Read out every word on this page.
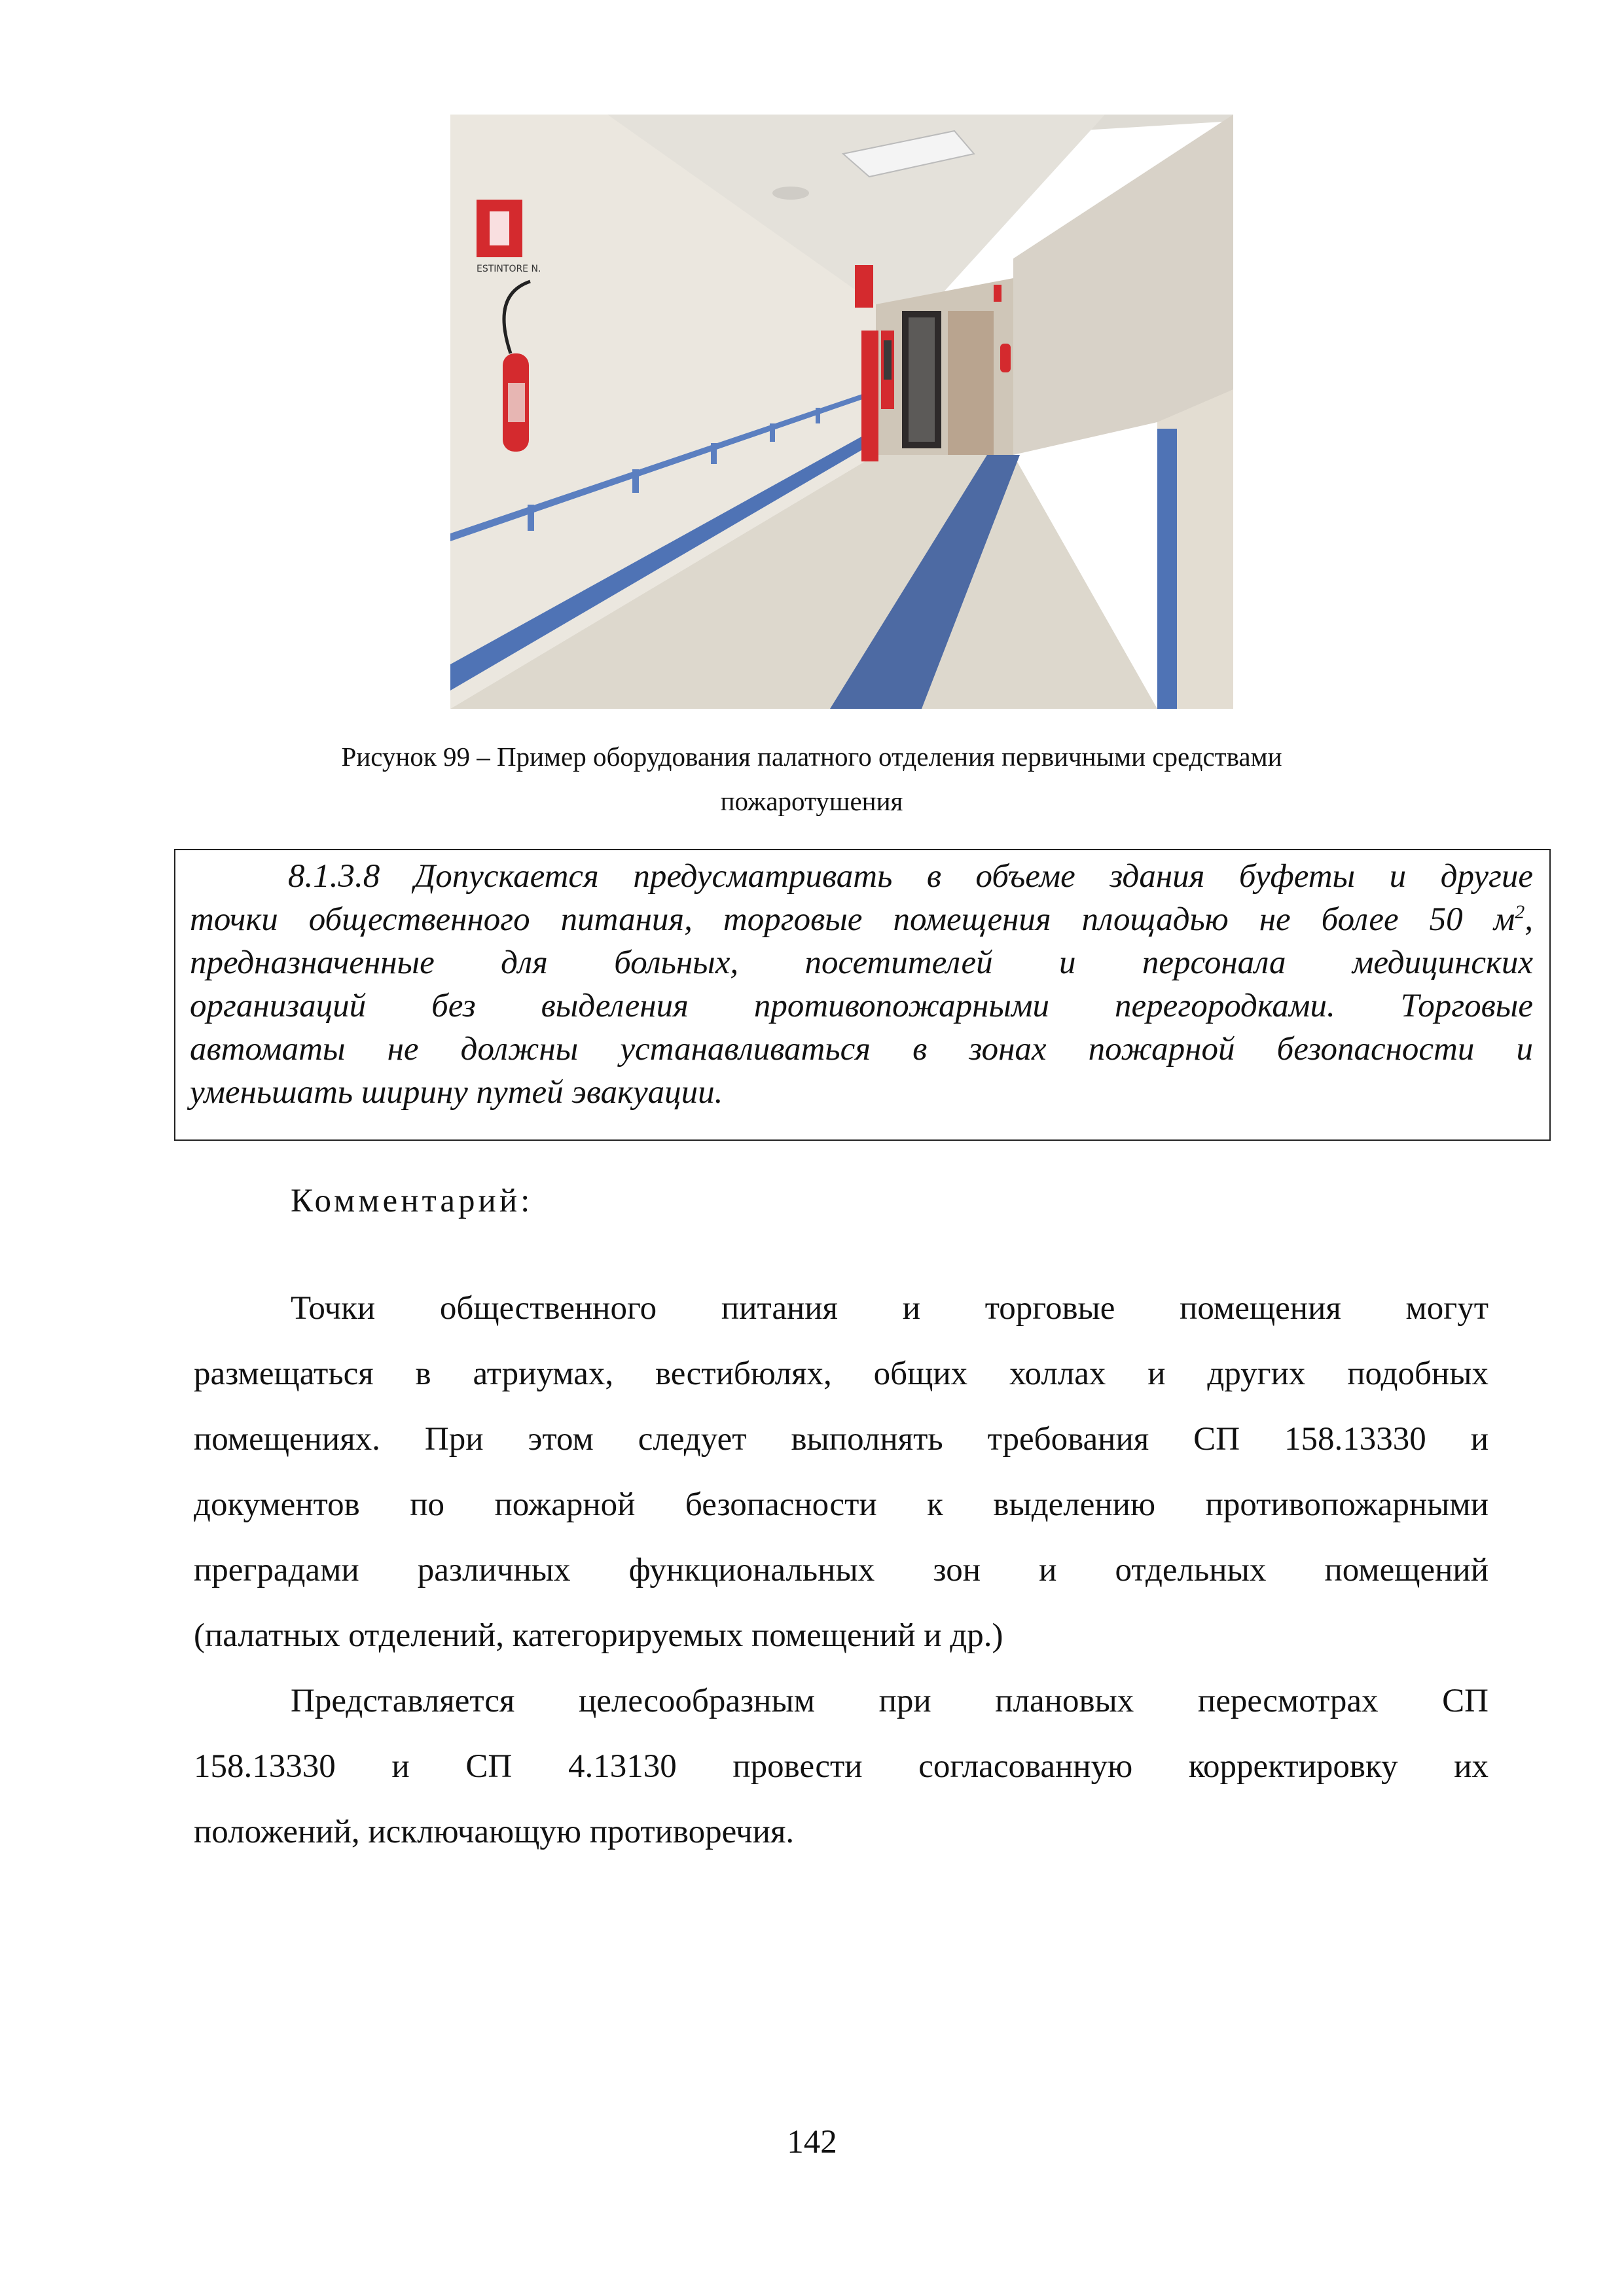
ESTINTORE N.
Рисунок 99 – Пример оборудования палатного отделения первичными средствами
пожаротушения
8.1.3.8 Допускается предусматривать в объеме здания буфеты и другие
точки общественного питания, торговые помещения площадью не более 50 $м^2$,
предназначенные для больных, посетителей и персонала медицинских
организаций без выделения противопожарными перегородками. Торговые
автоматы не должны устанавливаться в зонах пожарной безопасности и
уменьшать ширину путей эвакуации.
Комментарий:
Точки общественного питания и торговые помещения могут
размещаться в атриумах, вестибюлях, общих холлах и других подобных
помещениях. При этом следует выполнять требования СП 158.13330 и
документов по пожарной безопасности к выделению противопожарными
преградами различных функциональных зон и отдельных помещений
(палатных отделений, категорируемых помещений и др.)
Представляется целесообразным при плановых пересмотрах СП
158.13330 и СП 4.13130 провести согласованную корректировку их
положений, исключающую противоречия.
142
